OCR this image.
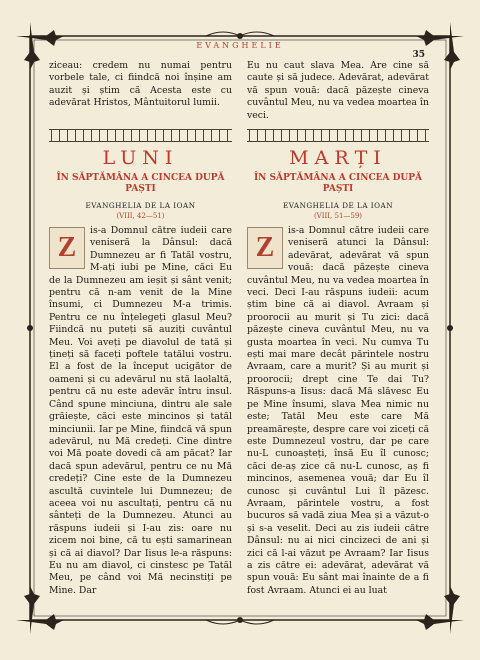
EVANGHELIE
35
ziceau: credem nu numai pentru vorbele tale, ci fiindcă noi înșine am auzit și știm că Acesta este cu adevărat Hristos, Mântuitorul lumii.
Eu nu caut slava Mea. Are cine să caute și să judece. Adevărat, adevărat vă spun vouă: dacă păzește cineva cuvântul Meu, nu va vedea moartea în veci.
LUNI
ÎN SĂPTĂMÂNA A CINCEA DUPĂ PAȘTI
EVANGHELIA DE LA IOAN
(VIII, 42—51)
MARȚI
ÎN SĂPTĂMÂNA A CINCEA DUPĂ PAȘTI
EVANGHELIA DE LA IOAN
(VIII, 51—59)
Z

is-a Domnul către iudeii care veniseră la Dânsul: dacă Dumnezeu ar fi Tatăl vostru, M-ați iubi pe Mine, căci Eu de la Dumnezeu am ieșit și sânt venit; pentru că n-am venit de la Mine însumi, ci Dumnezeu M-a trimis. Pentru ce nu înțelegeți glasul Meu? Fiindcă nu puteți să auziți cuvântul Meu. Voi aveți pe diavolul de tată și țineți să faceți poftele tatălui vostru. El a fost de la început ucigător de oameni și cu adevărul nu stă laolaltă, pentru că nu este adevăr întru insul. Când spune minciuna, dintru ale sale grăiește, căci este mincinos și tatăl minciunii. Iar pe Mine, fiindcă vă spun adevărul, nu Mă credeți. Cine dintre voi Mă poate dovedi că am păcat? Iar dacă spun adevărul, pentru ce nu Mă credeți? Cine este de la Dumnezeu ascultă cuvintele lui Dumnezeu; de aceea voi nu ascultați, pentru că nu sânteți de la Dumnezeu. Atunci au răspuns iudeii și I-au zis: oare nu zicem noi bine, că tu ești samarinean și că ai diavol? Dar Iisus le-a răspuns: Eu nu am diavol, ci cinstesc pe Tatăl Meu, pe când voi Mă necinstiți pe Mine. Dar

Z

is-a Domnul către iudeii care veniseră atunci la Dânsul: adevărat, adevărat vă spun vouă: dacă păzește cineva cuvântul Meu, nu va vedea moartea în veci. Deci I-au răspuns iudeii: acum știm bine că ai diavol. Avraam și proorocii au murit și Tu zici: dacă păzește cineva cuvântul Meu, nu va gusta moartea în veci. Nu cumva Tu ești mai mare decât părintele nostru Avraam, care a murit? Și au murit și proorocii; drept cine Te dai Tu? Răspuns-a Iisus: dacă Mă slăvesc Eu pe Mine însumi, slava Mea nimic nu este; Tatăl Meu este care Mă preamărește, despre care voi ziceți că este Dumnezeul vostru, dar pe care nu-L cunoașteți, însă Eu îl cunosc; căci de-aș zice că nu-L cunosc, aș fi mincinos, asemenea vouă; dar Eu îl cunosc și cuvântul Lui îl păzesc. Avraam, părintele vostru, a fost bucuros să vadă ziua Mea și a văzut-o și s-a veselit. Deci au zis iudeii către Dânsul: nu ai nici cincizeci de ani și zici că l-ai văzut pe Avraam? Iar Iisus a zis către ei: adevărat, adevărat vă spun vouă: Eu sânt mai înainte de a fi fost Avraam. Atunci ei au luat
